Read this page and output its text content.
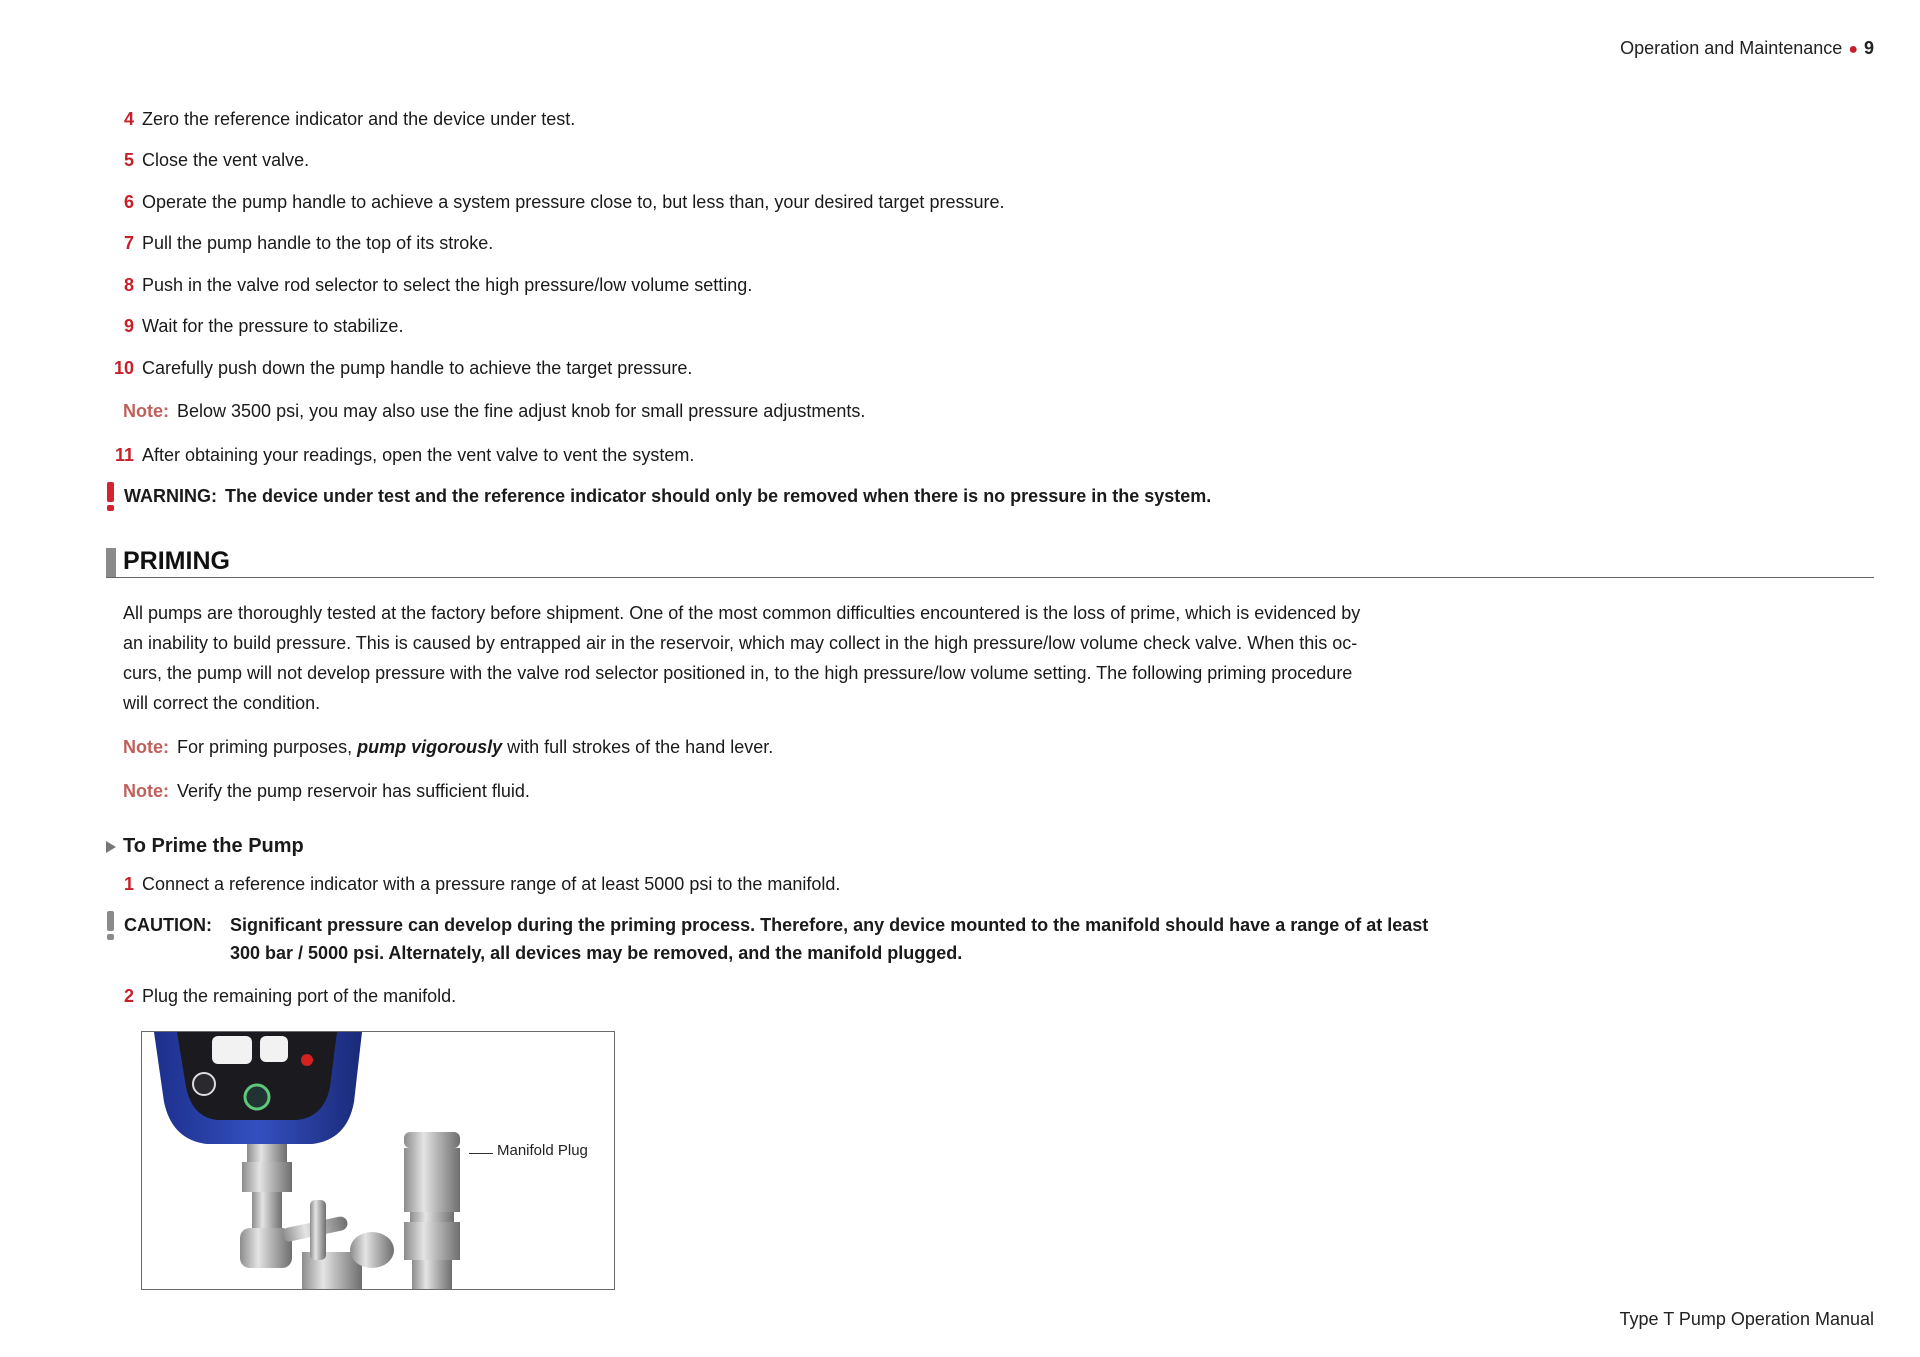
Operation and Maintenance ● 9
4 Zero the reference indicator and the device under test.
5 Close the vent valve.
6 Operate the pump handle to achieve a system pressure close to, but less than, your desired target pressure.
7 Pull the pump handle to the top of its stroke.
8 Push in the valve rod selector to select the high pressure/low volume setting.
9 Wait for the pressure to stabilize.
10 Carefully push down the pump handle to achieve the target pressure.
Note: Below 3500 psi, you may also use the fine adjust knob for small pressure adjustments.
11 After obtaining your readings, open the vent valve to vent the system.
WARNING: The device under test and the reference indicator should only be removed when there is no pressure in the system.
PRIMING
All pumps are thoroughly tested at the factory before shipment. One of the most common difficulties encountered is the loss of prime, which is evidenced by
an inability to build pressure. This is caused by entrapped air in the reservoir, which may collect in the high pressure/low volume check valve. When this oc-
curs, the pump will not develop pressure with the valve rod selector positioned in, to the high pressure/low volume setting. The following priming procedure
will correct the condition.
Note: For priming purposes, pump vigorously with full strokes of the hand lever.
Note: Verify the pump reservoir has sufficient fluid.
To Prime the Pump
1 Connect a reference indicator with a pressure range of at least 5000 psi to the manifold.
CAUTION: Significant pressure can develop during the priming process. Therefore, any device mounted to the manifold should have a range of at least 300 bar / 5000 psi. Alternately, all devices may be removed, and the manifold plugged.
2 Plug the remaining port of the manifold.
Manifold Plug
Type T Pump Operation Manual
